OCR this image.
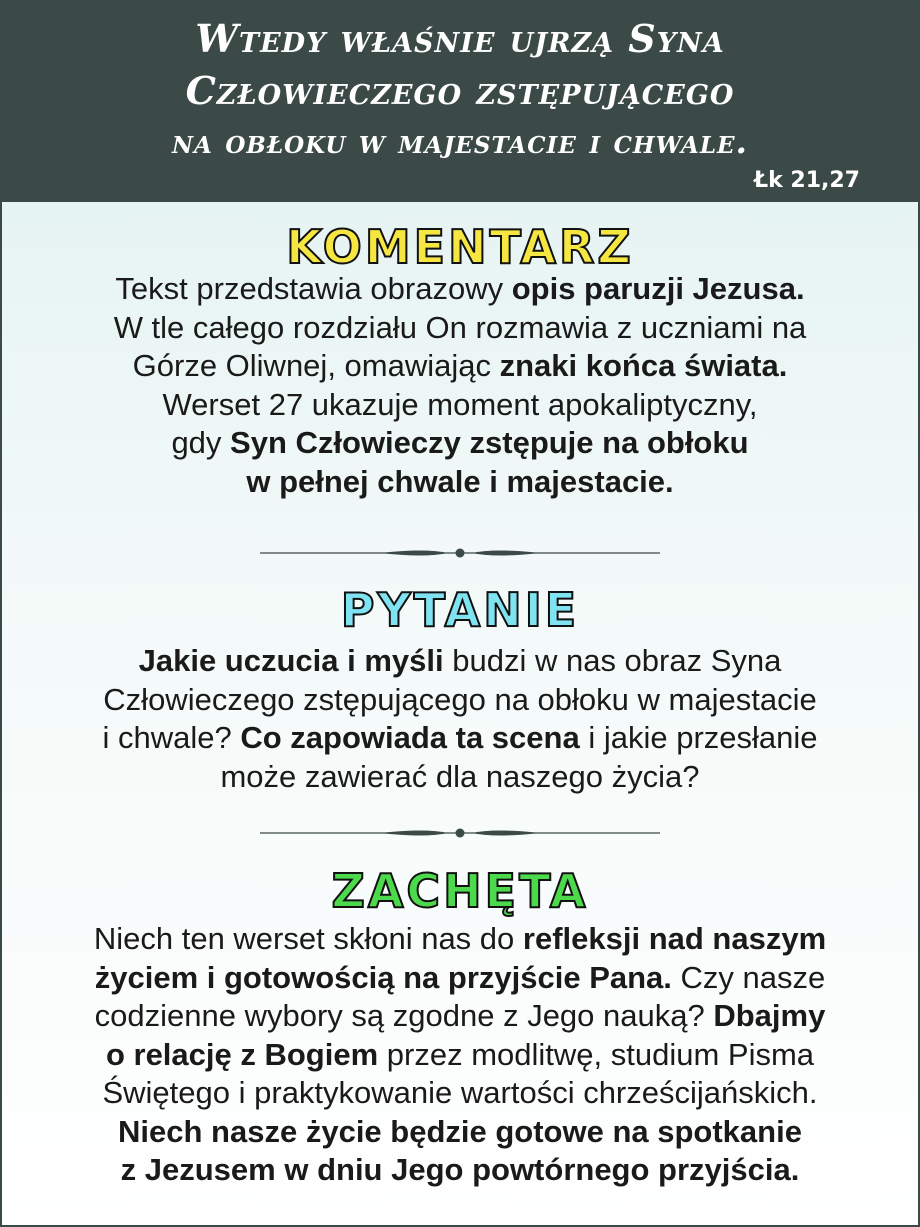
Wtedy właśnie ujrzą Syna
Człowieczego zstępującego
na obłoku w majestacie i chwale.
Łk 21,27
KOMENTARZ
Tekst przedstawia obrazowy opis paruzji Jezusa.
W tle całego rozdziału On rozmawia z uczniami na
Górze Oliwnej, omawiając znaki końca świata.
Werset 27 ukazuje moment apokaliptyczny,
gdy Syn Człowieczy zstępuje na obłoku
w pełnej chwale i majestacie.
PYTANIE
Jakie uczucia i myśli budzi w nas obraz Syna
Człowieczego zstępującego na obłoku w majestacie
i chwale? Co zapowiada ta scena i jakie przesłanie
może zawierać dla naszego życia?
ZACHĘTA
Niech ten werset skłoni nas do refleksji nad naszym
życiem i gotowością na przyjście Pana. Czy nasze
codzienne wybory są zgodne z Jego nauką? Dbajmy
o relację z Bogiem przez modlitwę, studium Pisma
Świętego i praktykowanie wartości chrześcijańskich.
Niech nasze życie będzie gotowe na spotkanie
z Jezusem w dniu Jego powtórnego przyjścia.
